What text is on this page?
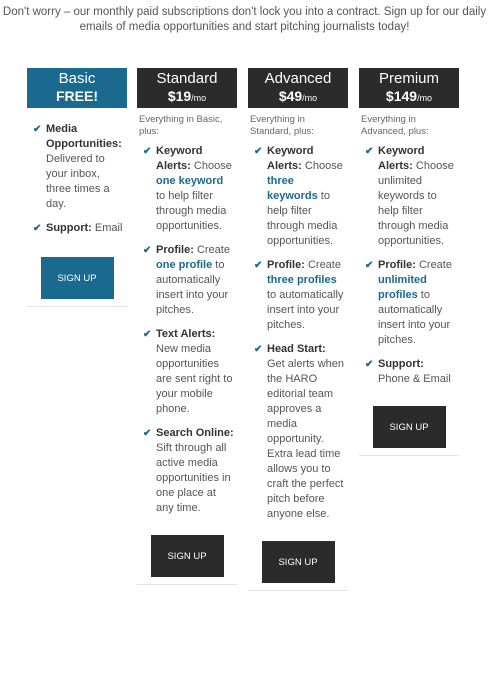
Don't worry – our monthly paid subscriptions don't lock you into a contract. Sign up for our daily emails of media opportunities and start pitching journalists today!
Basic
FREE!
✔ Media Opportunities: Delivered to your inbox, three times a day.
✔ Support: Email
SIGN UP
Standard
$19/mo
Everything in Basic, plus:
✔ Keyword Alerts: Choose one keyword to help filter through media opportunities.
✔ Profile: Create one profile to automatically insert into your pitches.
✔ Text Alerts: New media opportunities are sent right to your mobile phone.
✔ Search Online: Sift through all active media opportunities in one place at any time.
SIGN UP
Advanced
$49/mo
Everything in Standard, plus:
✔ Keyword Alerts: Choose three keywords to help filter through media opportunities.
✔ Profile: Create three profiles to automatically insert into your pitches.
✔ Head Start: Get alerts when the HARO editorial team approves a media opportunity. Extra lead time allows you to craft the perfect pitch before anyone else.
SIGN UP
Premium
$149/mo
Everything in Advanced, plus:
✔ Keyword Alerts: Choose unlimited keywords to help filter through media opportunities.
✔ Profile: Create unlimited profiles to automatically insert into your pitches.
✔ Support: Phone & Email
SIGN UP
